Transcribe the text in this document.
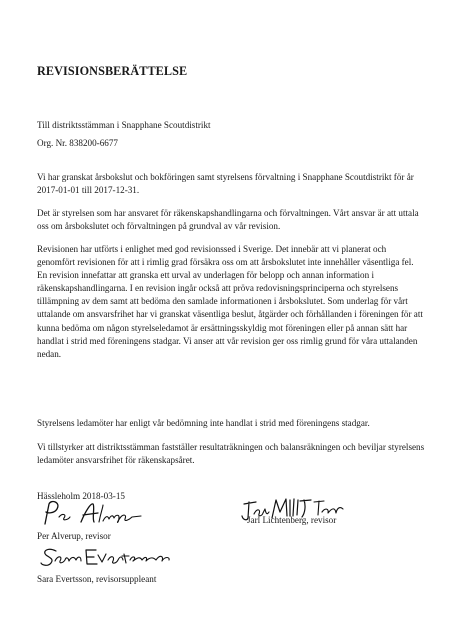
REVISIONSBERÄTTELSE

Till distriktsstämman i Snapphane Scoutdistrikt

Org. Nr. 838200-6677

Vi har granskat årsbokslut och bokföringen samt styrelsens förvaltning i Snapphane Scoutdistrikt för år 2017-01-01 till 2017-12-31.

Det är styrelsen som har ansvaret för räkenskapshandlingarna och förvaltningen. Vårt ansvar är att uttala oss om årsbokslutet och förvaltningen på grundval av vår revision.

Revisionen har utförts i enlighet med god revisionssed i Sverige. Det innebär att vi planerat och genomfört revisionen för att i rimlig grad försäkra oss om att årsbokslutet inte innehåller väsentliga fel. En revision innefattar att granska ett urval av underlagen för belopp och annan information i räkenskapshandlingarna. I en revision ingår också att pröva redovisningsprinciperna och styrelsens tillämpning av dem samt att bedöma den samlade informationen i årsbokslutet. Som underlag för vårt uttalande om ansvarsfrihet har vi granskat väsentliga beslut, åtgärder och förhållanden i föreningen för att kunna bedöma om någon styrelseledamot är ersättningsskyldig mot föreningen eller på annan sätt har handlat i strid med föreningens stadgar. Vi anser att vår revision ger oss rimlig grund för våra uttalanden nedan.

Styrelsens ledamöter har enligt vår bedömning inte handlat i strid med föreningens stadgar.

Vi tillstyrker att distriktsstämman fastställer resultaträkningen och balansräkningen och beviljar styrelsens ledamöter ansvarsfrihet för räkenskapsåret.

Hässleholm 2018-03-15

Per Alverup, revisor
Jarl Lichtenberg, revisor
Sara Evertsson, revisorsuppleant
